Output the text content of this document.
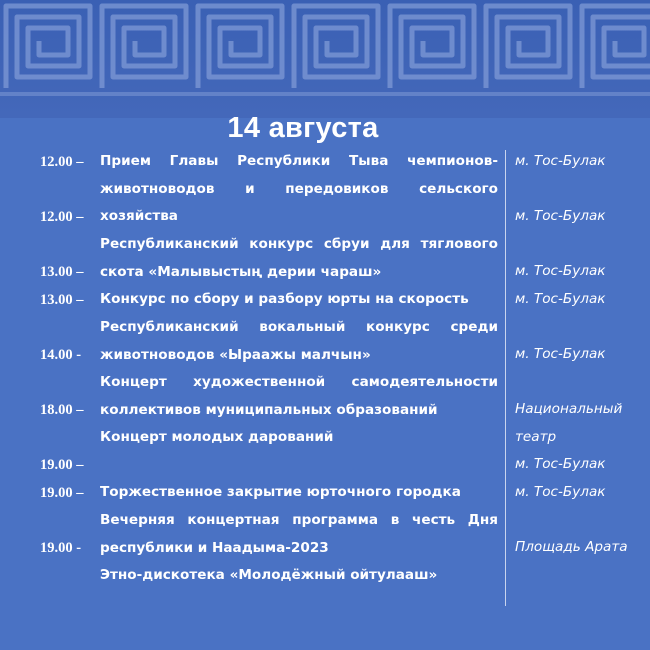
14 августа
12.00 –
12.00 –
13.00 –
13.00 –
14.00 -
18.00 –
19.00 –
19.00 –
19.00 -
Прием Главы Республики Тыва чемпионов-
животноводов и передовиков сельского
хозяйства
Республиканский конкурс сбруи для тяглового
скота «Малывыстың дерии чараш»
Конкурс по сбору и разбору юрты на скорость
Республиканский вокальный конкурс среди
животноводов «Ыраажы малчын»
Концерт художественной самодеятельности
коллективов муниципальных образований
Концерт молодых дарований
Торжественное закрытие юрточного городка
Вечерняя концертная программа в честь Дня
республики и Наадыма-2023
Этно-дискотека «Молодёжный ойтулааш»
м. Тос-Булак
м. Тос-Булак
м. Тос-Булак
м. Тос-Булак
м. Тос-Булак
Национальный
театр
м. Тос-Булак
м. Тос-Булак
Площадь Арата
